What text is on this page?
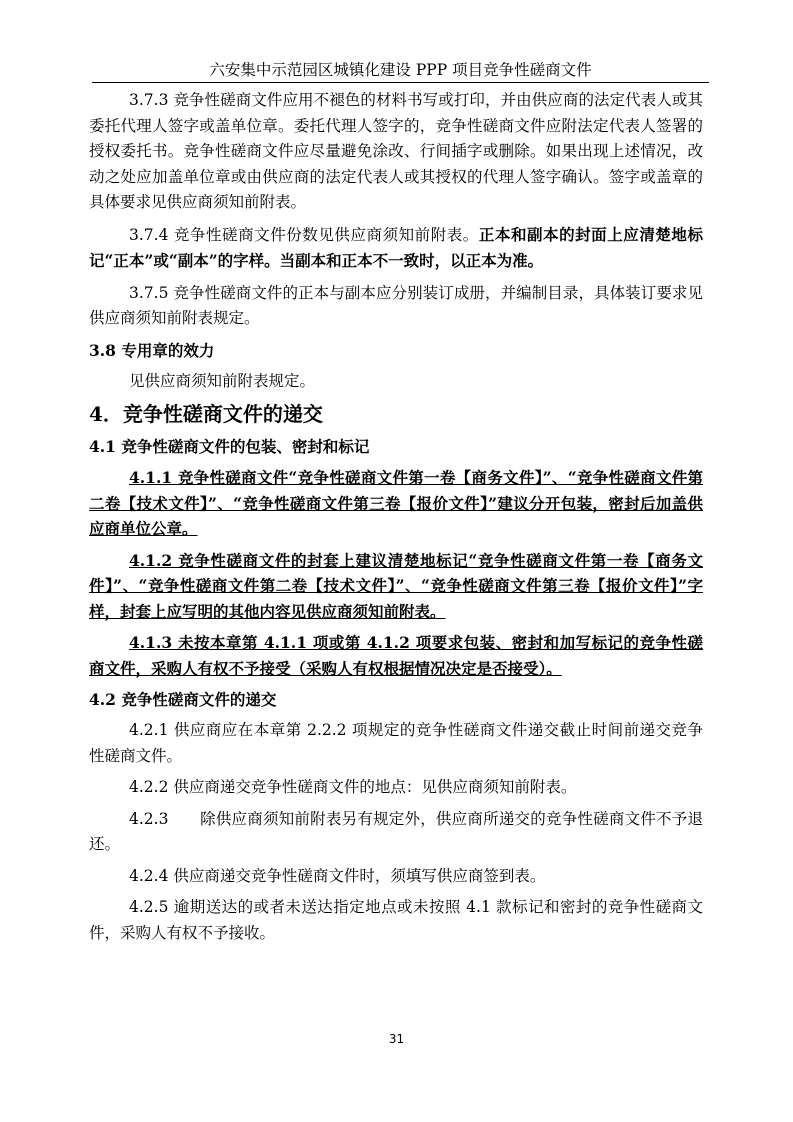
六安集中示范园区城镇化建设 PPP 项目竞争性磋商文件

3.7.3 竞争性磋商文件应用不褪色的材料书写或打印，并由供应商的法定代表人或其委托代理人签字或盖单位章。委托代理人签字的，竞争性磋商文件应附法定代表人签署的授权委托书。竞争性磋商文件应尽量避免涂改、行间插字或删除。如果出现上述情况，改动之处应加盖单位章或由供应商的法定代表人或其授权的代理人签字确认。签字或盖章的具体要求见供应商须知前附表。

3.7.4 竞争性磋商文件份数见供应商须知前附表。正本和副本的封面上应清楚地标记“正本”或“副本”的字样。当副本和正本不一致时，以正本为准。

3.7.5 竞争性磋商文件的正本与副本应分别装订成册，并编制目录，具体装订要求见供应商须知前附表规定。

3.8 专用章的效力

见供应商须知前附表规定。

4．竞争性磋商文件的递交

4.1 竞争性磋商文件的包装、密封和标记

4.1.1 竞争性磋商文件“竞争性磋商文件第一卷【商务文件】”、“竞争性磋商文件第二卷【技术文件】”、“竞争性磋商文件第三卷【报价文件】”建议分开包装，密封后加盖供应商单位公章。

4.1.2 竞争性磋商文件的封套上建议清楚地标记“竞争性磋商文件第一卷【商务文件】”、“竞争性磋商文件第二卷【技术文件】”、“竞争性磋商文件第三卷【报价文件】”字样，封套上应写明的其他内容见供应商须知前附表。

4.1.3 未按本章第 4.1.1 项或第 4.1.2 项要求包装、密封和加写标记的竞争性磋商文件，采购人有权不予接受（采购人有权根据情况决定是否接受）。

4.2 竞争性磋商文件的递交

4.2.1 供应商应在本章第 2.2.2 项规定的竞争性磋商文件递交截止时间前递交竞争性磋商文件。

4.2.2 供应商递交竞争性磋商文件的地点：见供应商须知前附表。

4.2.3　　除供应商须知前附表另有规定外，供应商所递交的竞争性磋商文件不予退还。

4.2.4 供应商递交竞争性磋商文件时，须填写供应商签到表。

4.2.5 逾期送达的或者未送达指定地点或未按照 4.1 款标记和密封的竞争性磋商文件，采购人有权不予接收。

31
